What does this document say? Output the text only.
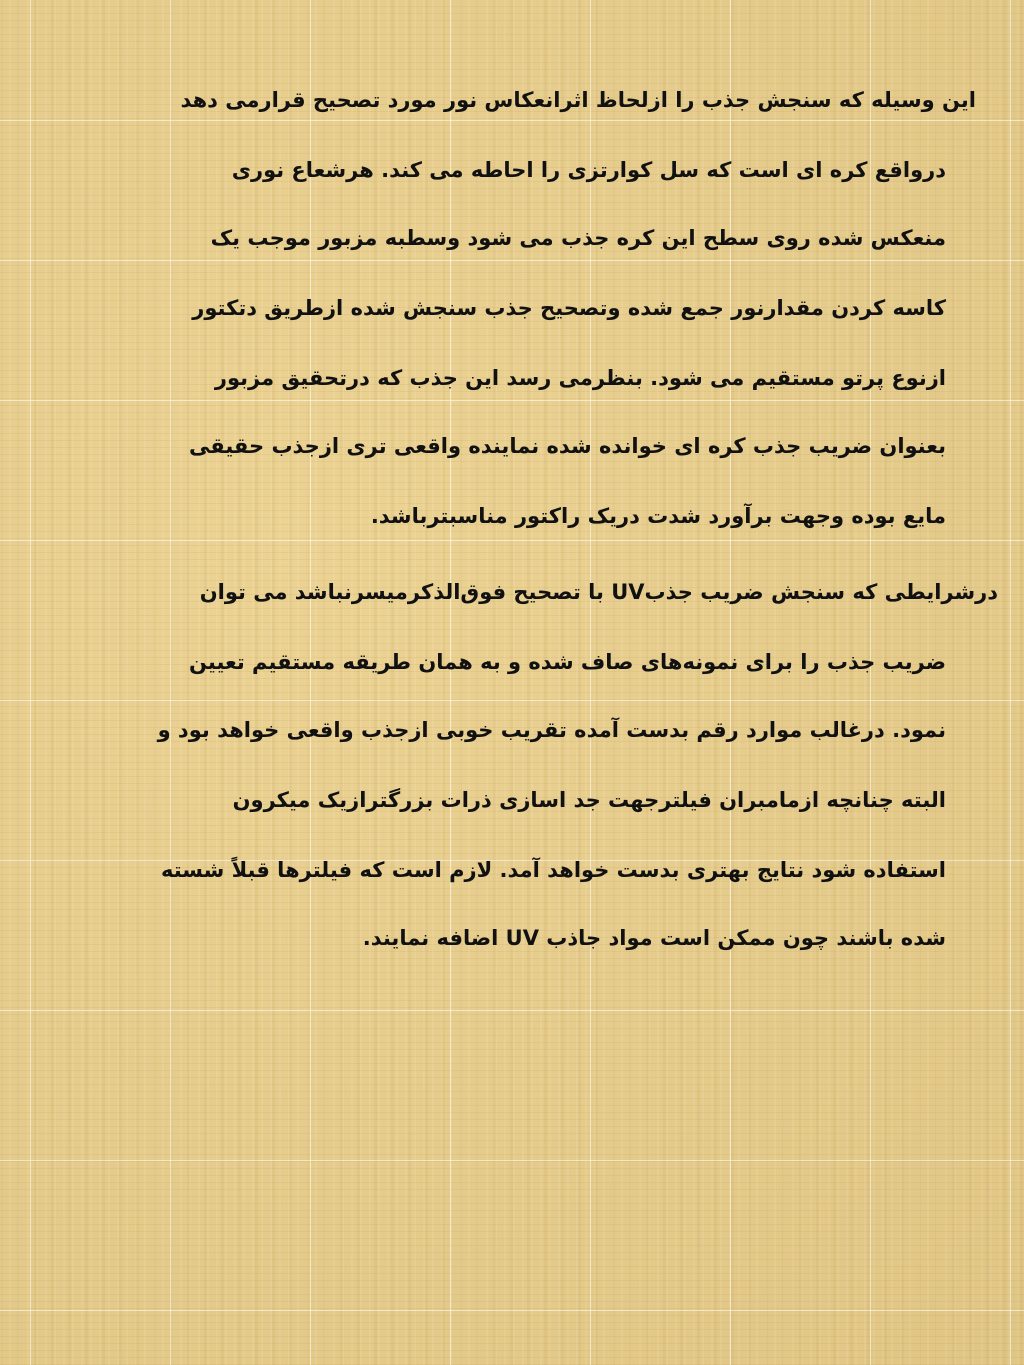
این وسیله که سنجش جذب را ازلحاظ اثرانعکاس نور مورد تصحیح قرارمی دهد
درواقع کره ای است که سل کوارتزی را احاطه می کند. هرشعاع نوری
منعکس شده روی سطح این کره جذب می شود وسطبه مزبور موجب یک
کاسه کردن مقدارنور جمع شده وتصحیح جذب سنجش شده ازطریق دتکتور
ازنوع پرتو مستقیم می شود. بنظرمی رسد این جذب که درتحقیق مزبور
بعنوان ضریب جذب کره ای خوانده شده نماینده واقعی تری ازجذب حقیقی
مایع بوده وجهت برآورد شدت دریک راکتور مناسبترباشد.
درشرایطی که سنجش ضریب جذبUV با تصحیح فوق‌الذکرمیسرنباشد می توان
ضریب جذب را برای نمونه‌های صاف شده و به همان طریقه مستقیم تعیین
نمود. درغالب موارد رقم بدست آمده تقریب خوبی ازجذب واقعی خواهد بود و
البته چنانچه ازمامبران فیلترجهت جد اسازی ذرات بزرگترازیک میکرون
استفاده شود نتایج بهتری بدست خواهد آمد. لازم است که فیلترها قبلاً شسته
شده باشند چون ممکن است مواد جاذب UV اضافه نمایند.
